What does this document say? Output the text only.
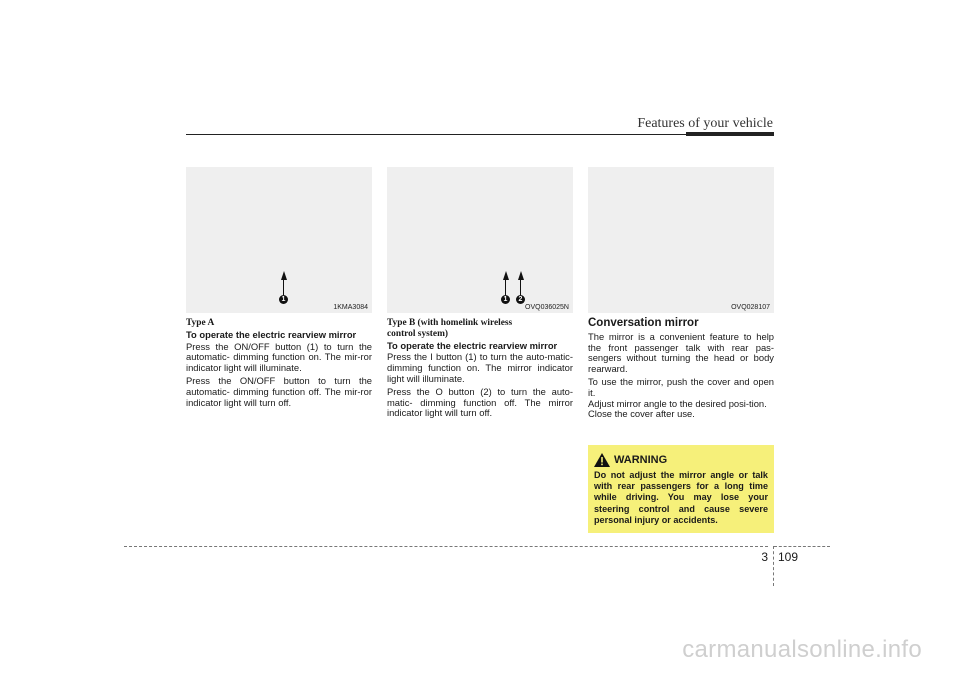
Features of your vehicle
1
1KMA3084
1	2
OVQ036025N	OVQ028107
Type A
To operate the electric rearview mirror

Press the ON/OFF button (1) to turn the automatic- dimming function on. The mir-ror indicator light will illuminate.

Press the ON/OFF button to turn the automatic- dimming function off. The mir-ror indicator light will turn off.

Type B (with homelink wireless control system)
To operate the electric rearview mirror

Press the I button (1) to turn the auto-matic- dimming function on. The mirror indicator light will illuminate.

Press the O button (2) to turn the auto-matic- dimming function off. The mirror indicator light will turn off.

Conversation mirror

The mirror is a convenient feature to help the front passenger talk with rear pas-sengers without turning the head or body rearward.

To use the mirror, push the cover and open it.

Adjust mirror angle to the desired posi-tion.

Close the cover after use.

WARNING
Do not adjust the mirror angle or talk with rear passengers for a long time while driving. You may lose your steering control and cause severe personal injury or accidents.
3 109
carmanualsonline.info
